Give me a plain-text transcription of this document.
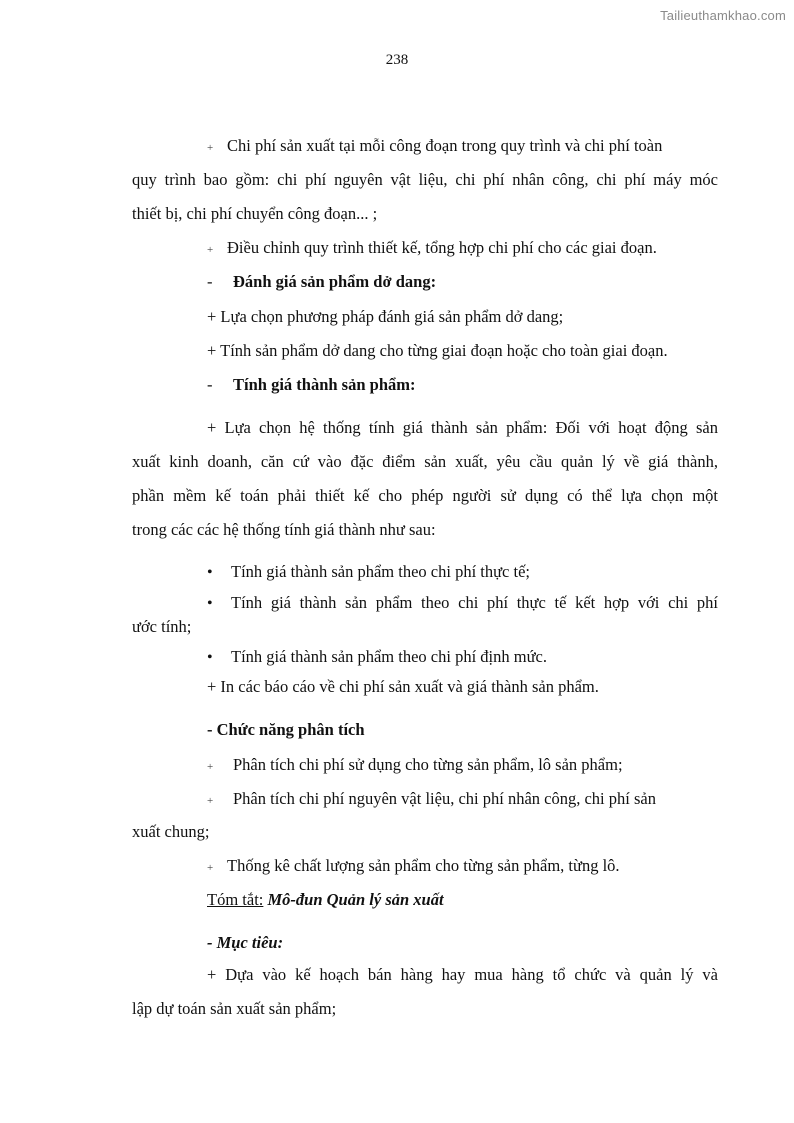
Tailieuthamkhao.com
238
+ Chi phí sản xuất tại mỗi công đoạn trong quy trình và chi phí toàn
quy trình bao gồm: chi phí nguyên vật liệu, chi phí nhân công, chi phí máy móc
thiết bị, chi phí chuyển công đoạn... ;
+ Điều chỉnh quy trình thiết kế, tổng hợp chi phí cho các giai đoạn.
- Đánh giá sản phẩm dở dang:
+ Lựa chọn phương pháp đánh giá sản phẩm dở dang;
+ Tính sản phẩm dở dang cho từng giai đoạn hoặc cho toàn giai đoạn.
- Tính giá thành sản phẩm:
+ Lựa chọn hệ thống tính giá thành sản phẩm: Đối với hoạt động sản
xuất kinh doanh, căn cứ vào đặc điểm sản xuất, yêu cầu quản lý về giá thành,
phần mềm kế toán phải thiết kế cho phép người sử dụng có thể lựa chọn một
trong các các hệ thống tính giá thành như sau:
• Tính giá thành sản phẩm theo chi phí thực tế;
• Tính giá thành sản phẩm theo chi phí thực tế kết hợp với chi phí
ước tính;
• Tính giá thành sản phẩm theo chi phí định mức.
+ In các báo cáo về chi phí sản xuất và giá thành sản phẩm.
- Chức năng phân tích
+ Phân tích chi phí sử dụng cho từng sản phẩm, lô sản phẩm;
+ Phân tích chi phí nguyên vật liệu, chi phí nhân công, chi phí sản
xuất chung;
+ Thống kê chất lượng sản phẩm cho từng sản phẩm, từng lô.
Tóm tắt: Mô-đun Quản lý sản xuất
- Mục tiêu:
+ Dựa vào kế hoạch bán hàng hay mua hàng tổ chức và quản lý và
lập dự toán sản xuất sản phẩm;
